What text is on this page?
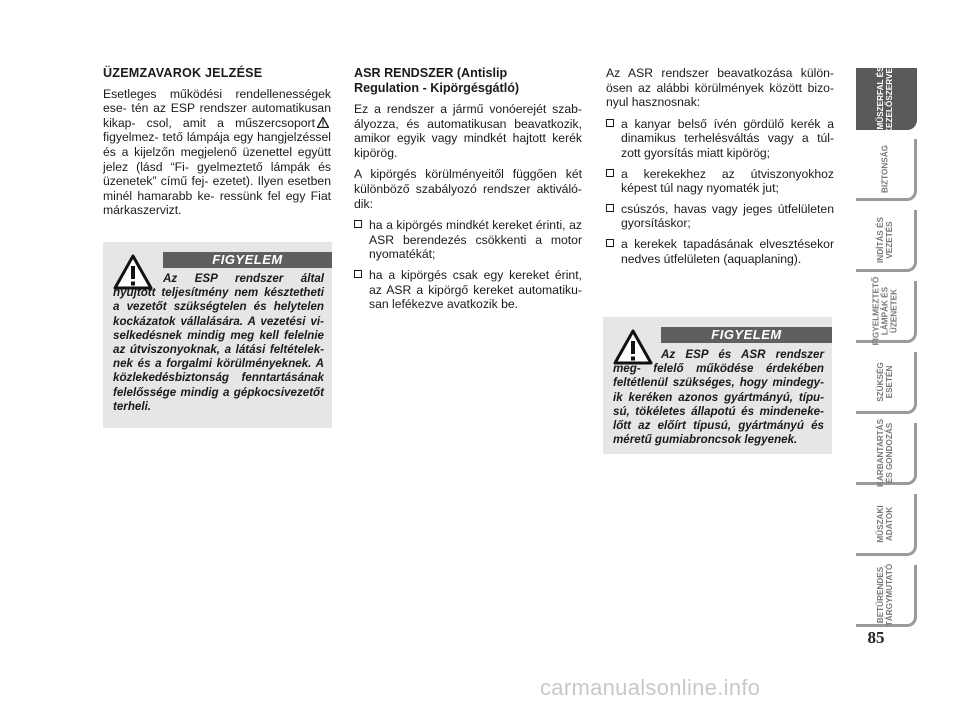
ÜZEMZAVAROK JELZÉSE

Esetleges működési rendellenességek ese- tén az ESP rendszer automatikusan kikap- csol, amit a műszercsoportfigyelmez- tető lámpája egy hangjelzéssel és a kijelzőn megjelenő üzenettel együtt jelez (lásd “Fi- gyelmeztető lámpák és üzenetek” című fej- ezetet). Ilyen esetben minél hamarabb ke- ressünk fel egy Fiat márkaszervizt.

FIGYELEM

Az ESP rendszer által nyújtott teljesítmény nem késztetheti a vezetőt szükségtelen és helytelen kockázatok vállalására. A vezetési vi- selkedésnek mindig meg kell felelnie az útviszonyoknak, a látási feltételek- nek és a forgalmi körülményeknek. A közlekedésbiztonság fenntartásának felelőssége mindig a gépkocsivezetőt terheli.

ASR RENDSZER (Antislip
Regulation - Kipörgésgátló)

Ez a rendszer a jármű vonóerejét szab- ályozza, és automatikusan beavatkozik, amikor egyik vagy mindkét hajtott kerék kipörög.

A kipörgés körülményeitől függően két különböző szabályozó rendszer aktiváló- dik:

ha a kipörgés mindkét kereket érinti, az ASR berendezés csökkenti a motor nyomatékát;
ha a kipörgés csak egy kereket érint, az ASR a kipörgő kereket automatiku- san lefékezve avatkozik be.

Az ASR rendszer beavatkozása külön- ösen az alábbi körülmények között bizo- nyul hasznosnak:

a kanyar belső ívén gördülő kerék a dinamikus terhelésváltás vagy a túl- zott gyorsítás miatt kipörög;
a kerekekhez az útviszonyokhoz képest túl nagy nyomaték jut;
csúszós, havas vagy jeges útfelületen gyorsításkor;
a kerekek tapadásának elvesztésekor nedves útfelületen (aquaplaning).
FIGYELEM

Az ESP és ASR rendszer meg- felelő működése érdekében feltétlenül szükséges, hogy mindegy- ik keréken azonos gyártmányú, típu- sú, tökéletes állapotú és mindeneke- lőtt az előírt típusú, gyártmányú és méretű gumiabroncsok legyenek.

MŰSZERFAL ÉS
KEZELŐSZERVEK
BIZTONSÁG
INDÍTÁS ÉS
VEZETÉS
FIGYELMEZTETŐ
LÁMPÁK ÉS
ÜZENETEK
SZÜKSÉG
ESETÉN
KARBANTARTÁS
ÉS GONDOZÁS
MŰSZAKI
ADATOK
BETŰRENDES
TÁRGYMUTATÓ
85
carmanualsonline.info
